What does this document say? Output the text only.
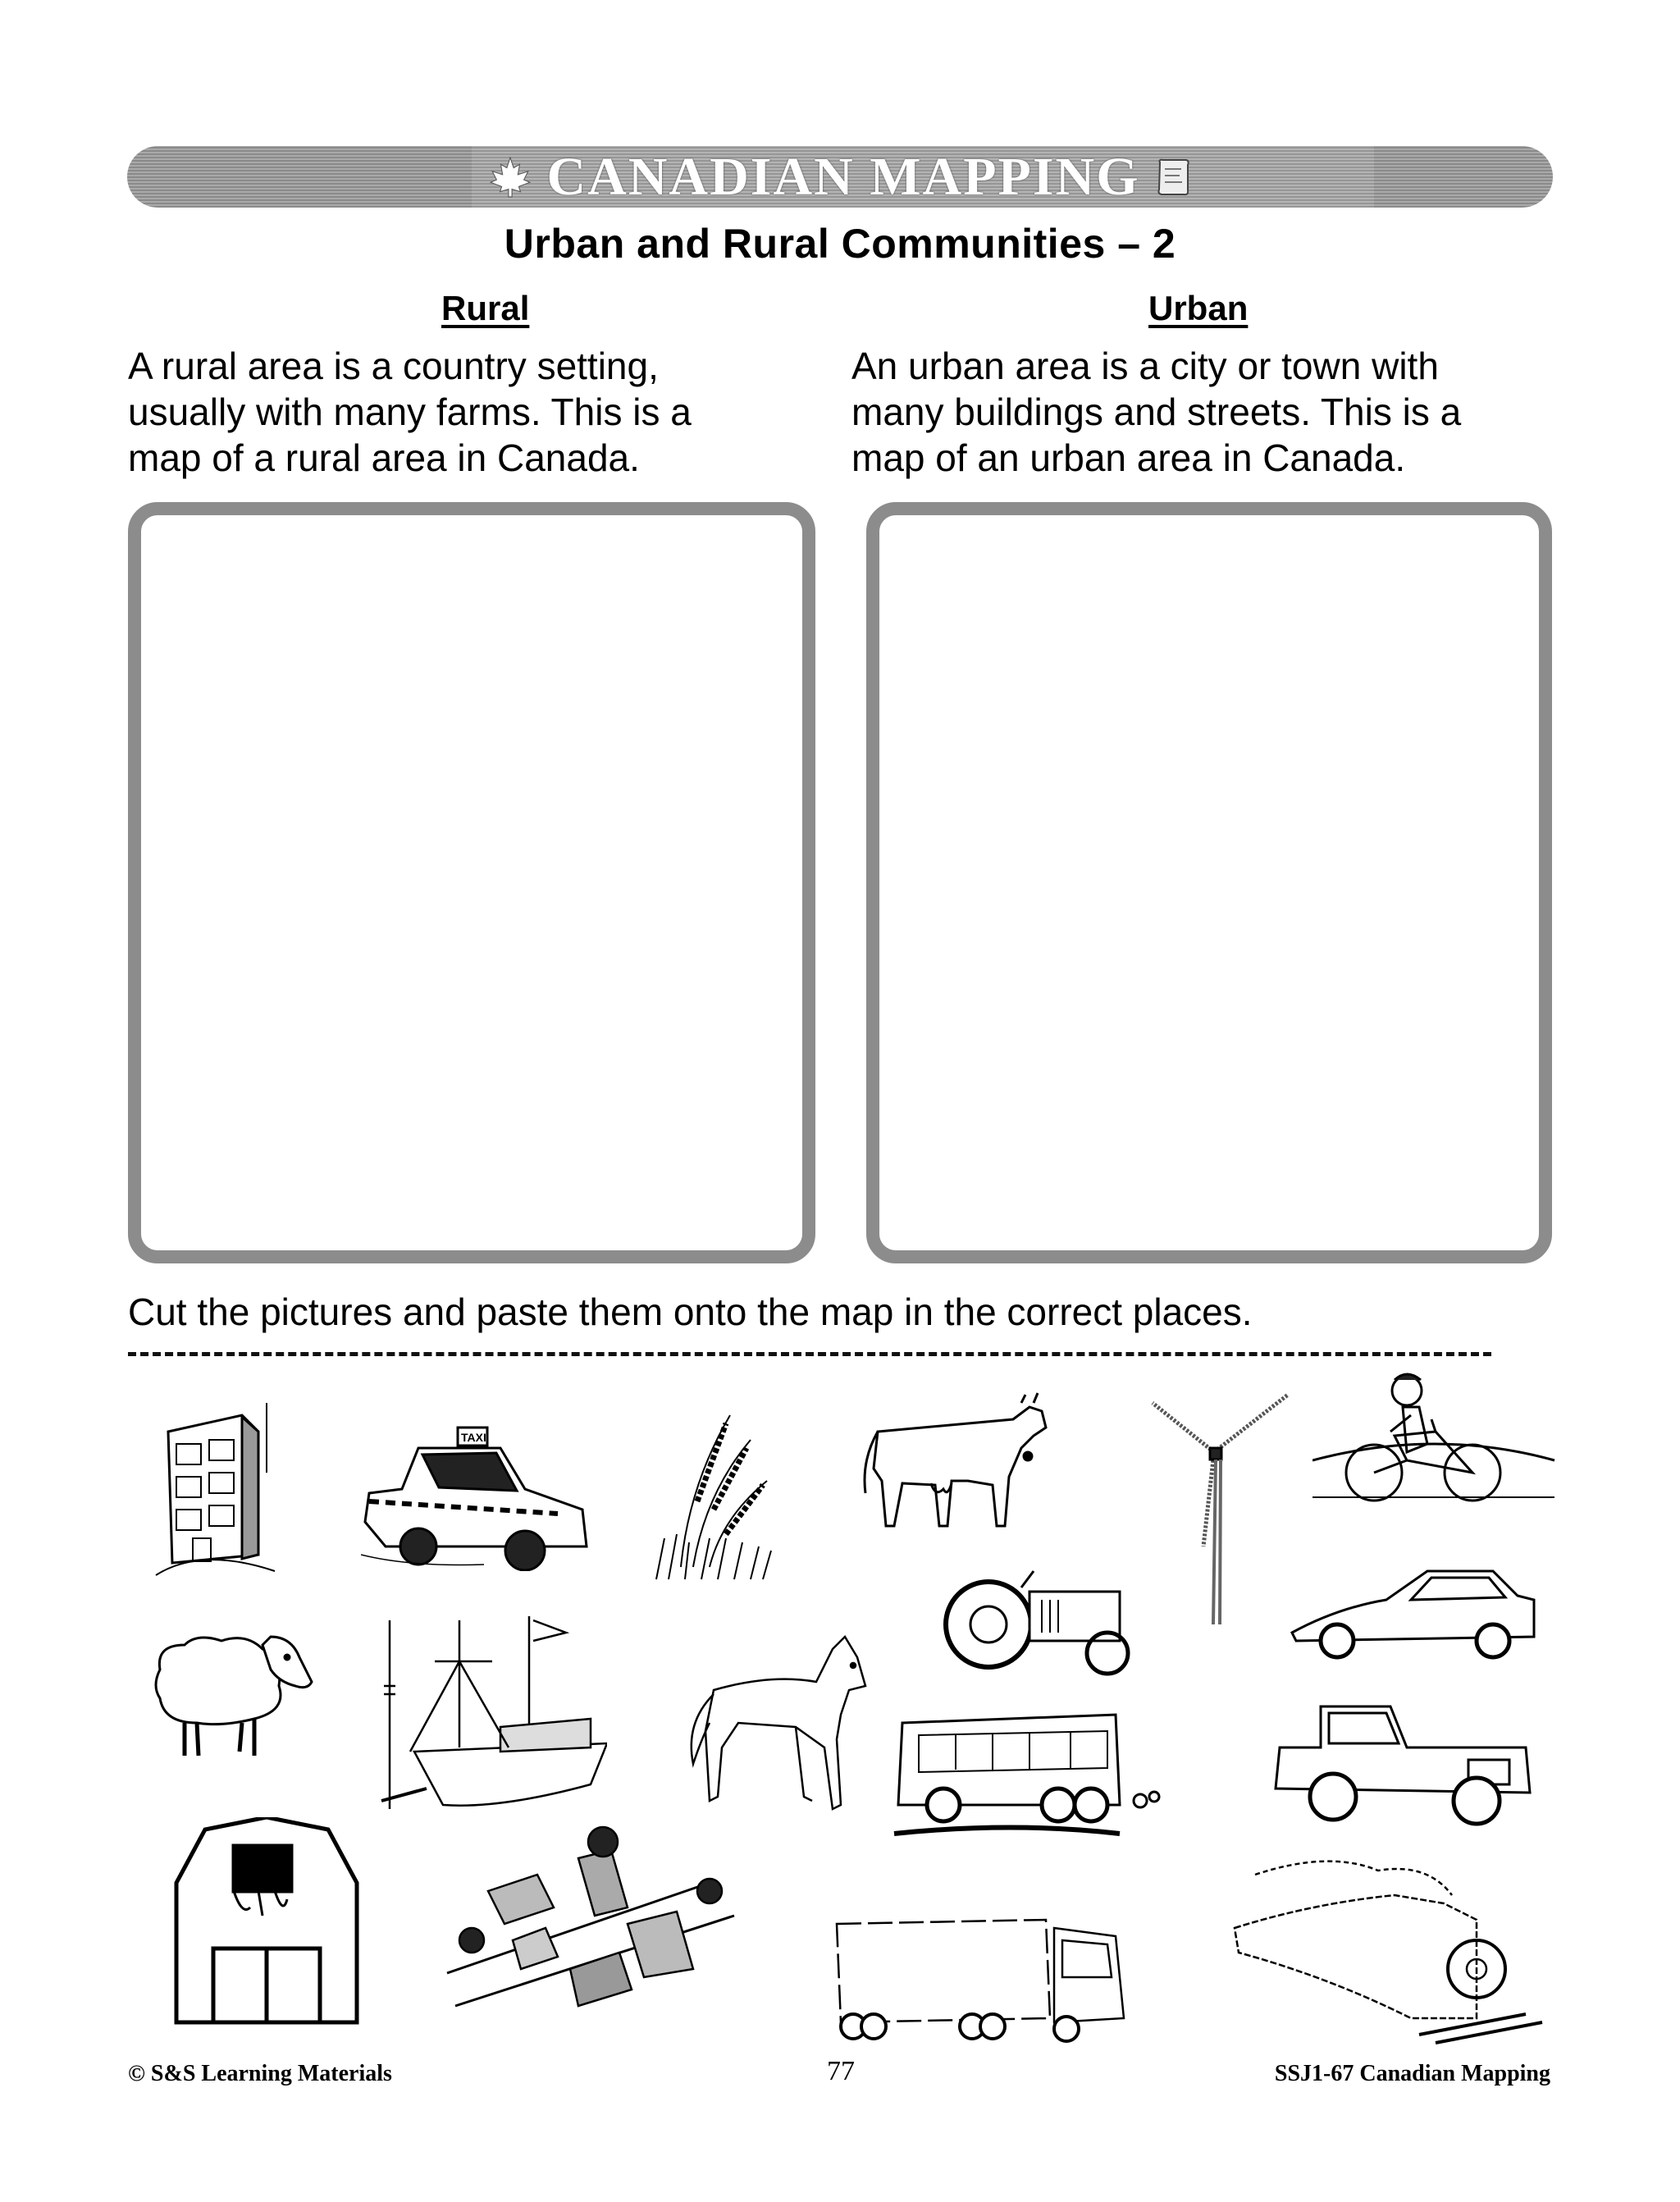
CANADIAN MAPPING
Urban and Rural Communities – 2
Rural
A rural area is a country setting,
usually with many farms. This is a
map of a rural area in Canada.
Urban
An urban area is a city or town with
many buildings and streets. This is a
map of an urban area in Canada.
Cut the pictures and paste them onto the map in the correct places.
TAXI
© S&S Learning Materials	77	SSJ1-67 Canadian Mapping
